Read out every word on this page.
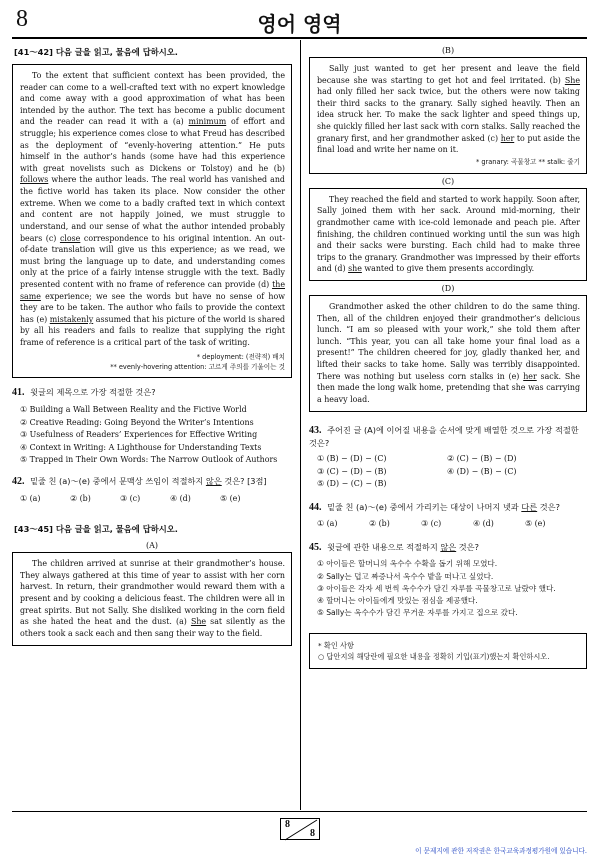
8	영어 영역
[41～42] 다음 글을 읽고, 물음에 답하시오.

To the extent that sufficient context has been provided, the reader can come to a well-crafted text with no expert knowledge and come away with a good approximation of what has been intended by the author. The text has become a public document and the reader can read it with a (a) minimum of effort and struggle; his experience comes close to what Freud has described as the deployment of “evenly-hovering attention.” He puts himself in the author’s hands (some have had this experience with great novelists such as Dickens or Tolstoy) and he (b) follows where the author leads. The real world has vanished and the fictive world has taken its place. Now consider the other extreme. When we come to a badly crafted text in which context and content are not happily joined, we must struggle to understand, and our sense of what the author intended probably bears (c) close correspondence to his original intention. An out-of-date translation will give us this experience; as we read, we must bring the language up to date, and understanding comes only at the price of a fairly intense struggle with the text. Badly presented content with no frame of reference can provide (d) the same experience; we see the words but have no sense of how they are to be taken. The author who fails to provide the context has (e) mistakenly assumed that his picture of the world is shared by all his readers and fails to realize that supplying the right frame of reference is a critical part of the task of writing.

* deployment: (전략적) 배치
** evenly-hovering attention: 고르게 주의를 기울이는 것
41. 윗글의 제목으로 가장 적절한 것은?
① Building a Wall Between Reality and the Fictive World
② Creative Reading: Going Beyond the Writer’s Intentions
③ Usefulness of Readers’ Experiences for Effective Writing
④ Context in Writing: A Lighthouse for Understanding Texts
⑤ Trapped in Their Own Words: The Narrow Outlook of Authors
42. 밑줄 친 (a)～(e) 중에서 문맥상 쓰임이 적절하지 않은 것은? [3점]
① (a)	② (b)	③ (c)	④ (d)	⑤ (e)
[43～45] 다음 글을 읽고, 물음에 답하시오.
(A)

The children arrived at sunrise at their grandmother’s house. They always gathered at this time of year to assist with her corn harvest. In return, their grandmother would reward them with a present and by cooking a delicious feast. The children were all in great spirits. But not Sally. She disliked working in the corn field as she hated the heat and the dust. (a) She sat silently as the others took a sack each and then sang their way to the field.

(B)

Sally just wanted to get her present and leave the field because she was starting to get hot and feel irritated. (b) She had only filled her sack twice, but the others were now taking their third sacks to the granary. Sally sighed heavily. Then an idea struck her. To make the sack lighter and speed things up, she quickly filled her last sack with corn stalks. Sally reached the granary first, and her grandmother asked (c) her to put aside the final load and write her name on it.

* granary: 곡물창고 ** stalk: 줄기
(C)

They reached the field and started to work happily. Soon after, Sally joined them with her sack. Around mid-morning, their grandmother came with ice-cold lemonade and peach pie. After finishing, the children continued working until the sun was high and their sacks were bursting. Each child had to make three trips to the granary. Grandmother was impressed by their efforts and (d) she wanted to give them presents accordingly.

(D)

Grandmother asked the other children to do the same thing. Then, all of the children enjoyed their grandmother’s delicious lunch. “I am so pleased with your work,” she told them after lunch. “This year, you can all take home your final load as a present!” The children cheered for joy, gladly thanked her, and lifted their sacks to take home. Sally was terribly disappointed. There was nothing but useless corn stalks in (e) her sack. She then made the long walk home, pretending that she was carrying a heavy load.

43. 주어진 글 (A)에 이어질 내용을 순서에 맞게 배열한 것으로 가장 적절한 것은?
① (B) − (D) − (C)	② (C) − (B) − (D)
③ (C) − (D) − (B)	④ (D) − (B) − (C)
⑤ (D) − (C) − (B)
44. 밑줄 친 (a)～(e) 중에서 가리키는 대상이 나머지 넷과 다른 것은?
① (a)	② (b)	③ (c)	④ (d)	⑤ (e)
45. 윗글에 관한 내용으로 적절하지 않은 것은?
① 아이들은 할머니의 옥수수 수확을 돕기 위해 모였다.
② Sally는 덥고 짜증나서 옥수수 밭을 떠나고 싶었다.
③ 아이들은 각자 세 번씩 옥수수가 담긴 자루를 곡물창고로 날랐야 했다.
④ 할머니는 아이들에게 맛있는 점심을 제공했다.
⑤ Sally는 옥수수가 담긴 무거운 자루를 가지고 집으로 갔다.
* 확인 사항
○ 답안지의 해당란에 필요한 내용을 정확히 기입(표기)했는지 확인하시오.
8
8
이 문제지에 관한 저작권은 한국교육과정평가원에 있습니다.
